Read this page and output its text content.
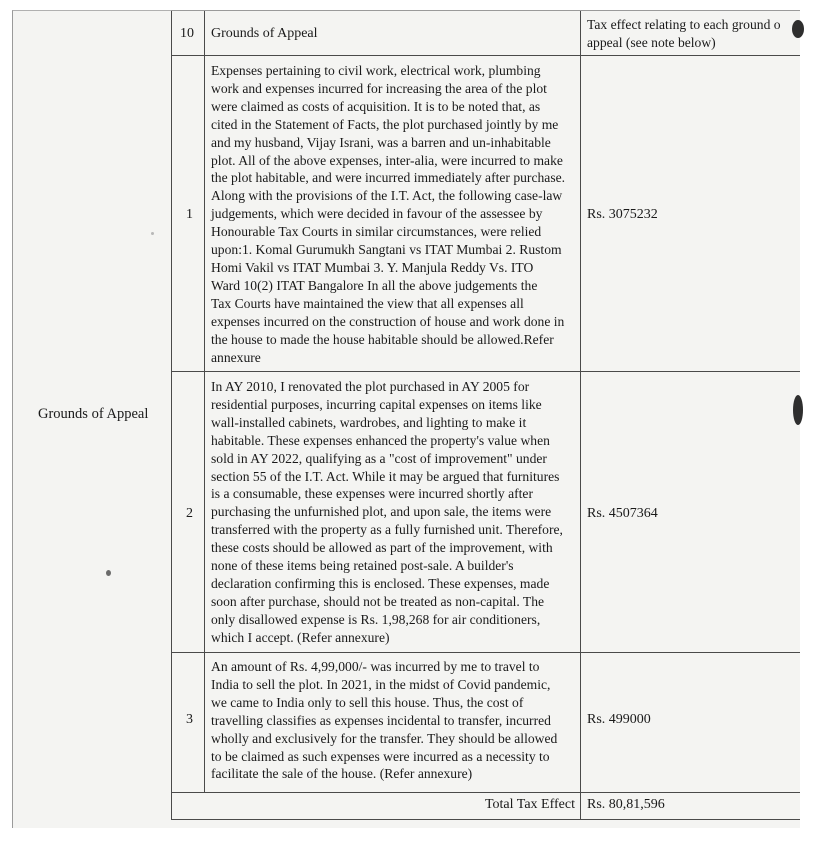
Grounds of Appeal
10 Grounds of Appeal
Tax effect relating to each ground o
appeal (see note below)
1
Expenses pertaining to civil work, electrical work, plumbing
work and expenses incurred for increasing the area of the plot
were claimed as costs of acquisition. It is to be noted that, as
cited in the Statement of Facts, the plot purchased jointly by me
and my husband, Vijay Israni, was a barren and un-inhabitable
plot. All of the above expenses, inter-alia, were incurred to make
the plot habitable, and were incurred immediately after purchase.
Along with the provisions of the I.T. Act, the following case-law
judgements, which were decided in favour of the assessee by
Honourable Tax Courts in similar circumstances, were relied
upon:1. Komal Gurumukh Sangtani vs ITAT Mumbai 2. Rustom
Homi Vakil vs ITAT Mumbai 3. Y. Manjula Reddy Vs. ITO
Ward 10(2) ITAT Bangalore In all the above judgements the
Tax Courts have maintained the view that all expenses all
expenses incurred on the construction of house and work done in
the house to made the house habitable should be allowed.Refer
annexure
Rs. 3075232
2
In AY 2010, I renovated the plot purchased in AY 2005 for
residential purposes, incurring capital expenses on items like
wall-installed cabinets, wardrobes, and lighting to make it
habitable. These expenses enhanced the property's value when
sold in AY 2022, qualifying as a "cost of improvement" under
section 55 of the I.T. Act. While it may be argued that furnitures
is a consumable, these expenses were incurred shortly after
purchasing the unfurnished plot, and upon sale, the items were
transferred with the property as a fully furnished unit. Therefore,
these costs should be allowed as part of the improvement, with
none of these items being retained post-sale. A builder's
declaration confirming this is enclosed. These expenses, made
soon after purchase, should not be treated as non-capital. The
only disallowed expense is Rs. 1,98,268 for air conditioners,
which I accept. (Refer annexure)
Rs. 4507364
3
An amount of Rs. 4,99,000/- was incurred by me to travel to
India to sell the plot. In 2021, in the midst of Covid pandemic,
we came to India only to sell this house. Thus, the cost of
travelling classifies as expenses incidental to transfer, incurred
wholly and exclusively for the transfer. They should be allowed
to be claimed as such expenses were incurred as a necessity to
facilitate the sale of the house. (Refer annexure)
Rs. 499000
Total Tax Effect Rs. 80,81,596
